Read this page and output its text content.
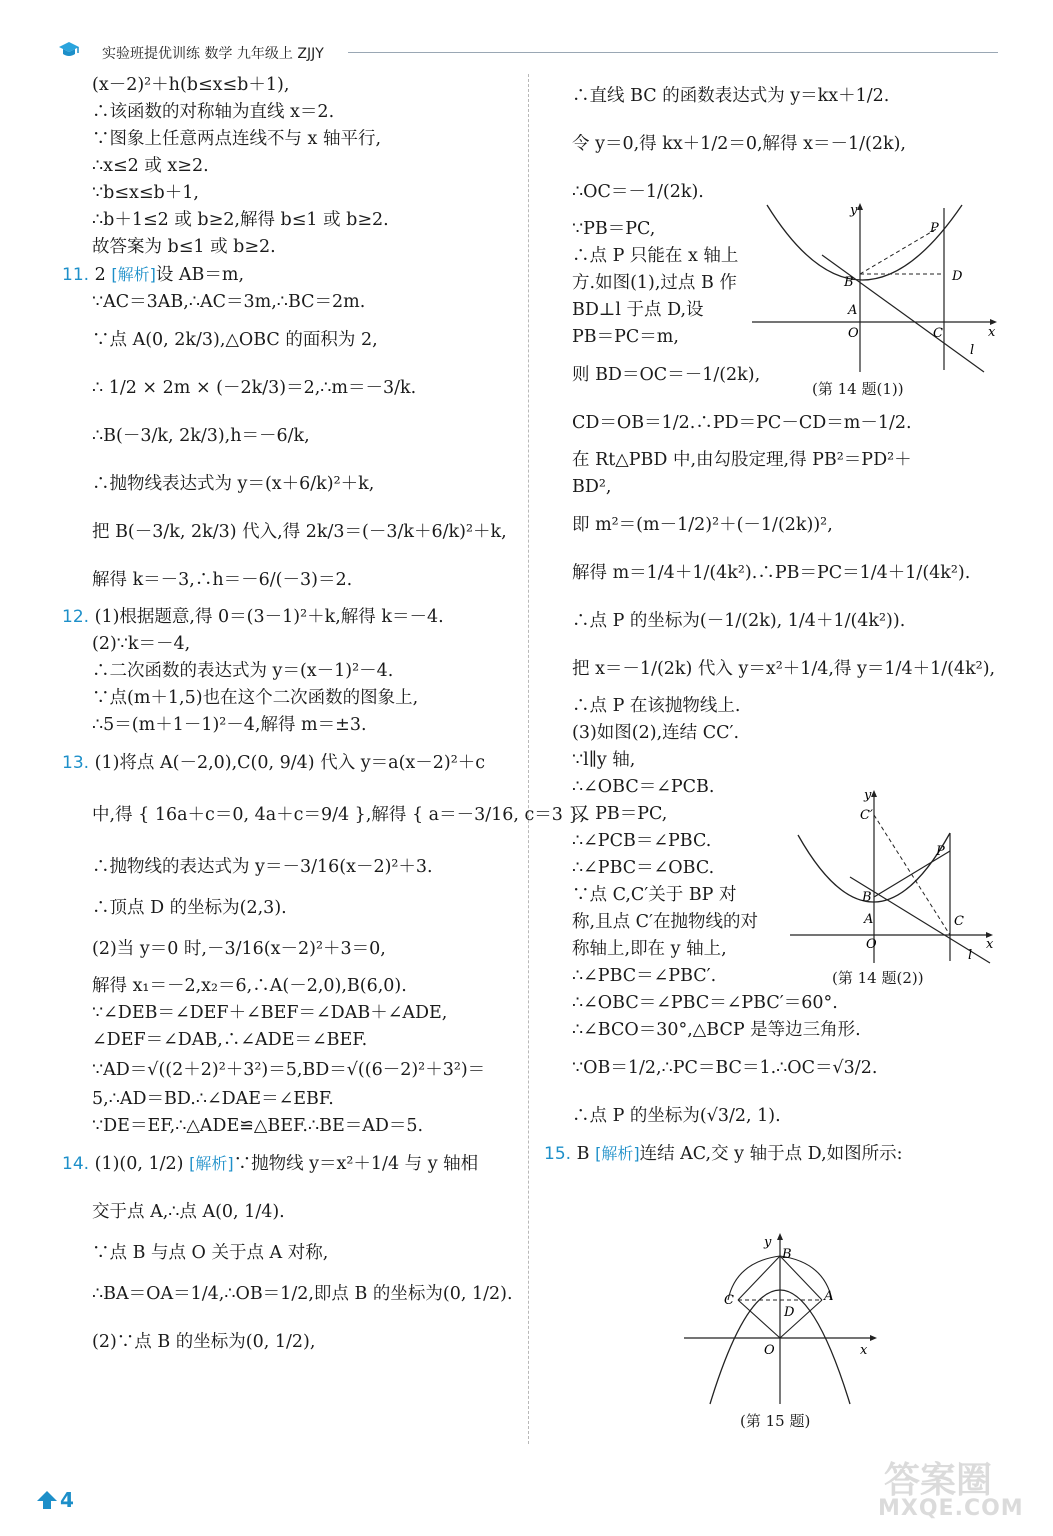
实验班提优训练 数学 九年级上 ZJJY
(x－2)²＋h(b≤x≤b＋1),
∴该函数的对称轴为直线 x＝2.
∵图象上任意两点连线不与 x 轴平行,
∴x≤2 或 x≥2.
∵b≤x≤b＋1,
∴b＋1≤2 或 b≥2,解得 b≤1 或 b≥2.
故答案为 b≤1 或 b≥2.
11. 2 [解析]设 AB＝m,
∵AC＝3AB,∴AC＝3m,∴BC＝2m.
∵点 A(0, 2k/3),△OBC 的面积为 2,
∴ 1/2 × 2m × (－2k/3)＝2,∴m＝－3/k.
∴B(－3/k, 2k/3),h＝－6/k,
∴抛物线表达式为 y＝(x＋6/k)²＋k,
把 B(－3/k, 2k/3) 代入,得 2k/3＝(－3/k＋6/k)²＋k,
解得 k＝－3,∴h＝－6/(－3)＝2.
12. (1)根据题意,得 0＝(3－1)²＋k,解得 k＝－4.
(2)∵k＝－4,
∴二次函数的表达式为 y＝(x－1)²－4.
∵点(m＋1,5)也在这个二次函数的图象上,
∴5＝(m＋1－1)²－4,解得 m＝±3.
13. (1)将点 A(－2,0),C(0, 9/4) 代入 y＝a(x－2)²＋c
中,得 { 16a＋c＝0, 4a＋c＝9/4 },解得 { a＝－3/16, c＝3 },
∴抛物线的表达式为 y＝－3/16(x－2)²＋3.
∴顶点 D 的坐标为(2,3).
(2)当 y＝0 时,－3/16(x－2)²＋3＝0,
解得 x₁＝－2,x₂＝6,∴A(－2,0),B(6,0).
∵∠DEB＝∠DEF＋∠BEF＝∠DAB＋∠ADE,
∠DEF＝∠DAB,∴∠ADE＝∠BEF.
∵AD＝√((2＋2)²＋3²)＝5,BD＝√((6－2)²＋3²)＝
5,∴AD＝BD.∴∠DAE＝∠EBF.
∵DE＝EF,∴△ADE≌△BEF.∴BE＝AD＝5.
14. (1)(0, 1/2) [解析]∵抛物线 y＝x²＋1/4 与 y 轴相
交于点 A,∴点 A(0, 1/4).
∵点 B 与点 O 关于点 A 对称,
∴BA＝OA＝1/4,∴OB＝1/2,即点 B 的坐标为(0, 1/2).
(2)∵点 B 的坐标为(0, 1/2),
∴直线 BC 的函数表达式为 y＝kx＋1/2.
令 y＝0,得 kx＋1/2＝0,解得 x＝－1/(2k),
∴OC＝－1/(2k).
∵PB＝PC,
∴点 P 只能在 x 轴上
方.如图(1),过点 B 作
BD⊥l 于点 D,设
PB＝PC＝m,
则 BD＝OC＝－1/(2k),
CD＝OB＝1/2.∴PD＝PC－CD＝m－1/2.
在 Rt△PBD 中,由勾股定理,得 PB²＝PD²＋
BD²,
即 m²＝(m－1/2)²＋(－1/(2k))²,
解得 m＝1/4＋1/(4k²).∴PB＝PC＝1/4＋1/(4k²).
∴点 P 的坐标为(－1/(2k), 1/4＋1/(4k²)).
把 x＝－1/(2k) 代入 y＝x²＋1/4,得 y＝1/4＋1/(4k²),
∴点 P 在该抛物线上.
(3)如图(2),连结 CC′.
∵l∥y 轴,
∴∠OBC＝∠PCB.
又 PB＝PC,
∴∠PCB＝∠PBC.
∴∠PBC＝∠OBC.
∵点 C,C′关于 BP 对
称,且点 C′在抛物线的对
称轴上,即在 y 轴上,
∴∠PBC＝∠PBC′.
∴∠OBC＝∠PBC＝∠PBC′＝60°.
∴∠BCO＝30°,△BCP 是等边三角形.
∵OB＝1/2,∴PC＝BC＝1.∴OC＝√3/2.
∴点 P 的坐标为(√3/2, 1).
15. B [解析]连结 AC,交 y 轴于点 D,如图所示:
y
x
P
B	D
A
O	C
l
(第 14 题(1))
y
C′
P
B
A	C
O	x
l
(第 14 题(2))
y
B
C	A
D
O	x
(第 15 题)
4	答案圈
MXQE.COM
